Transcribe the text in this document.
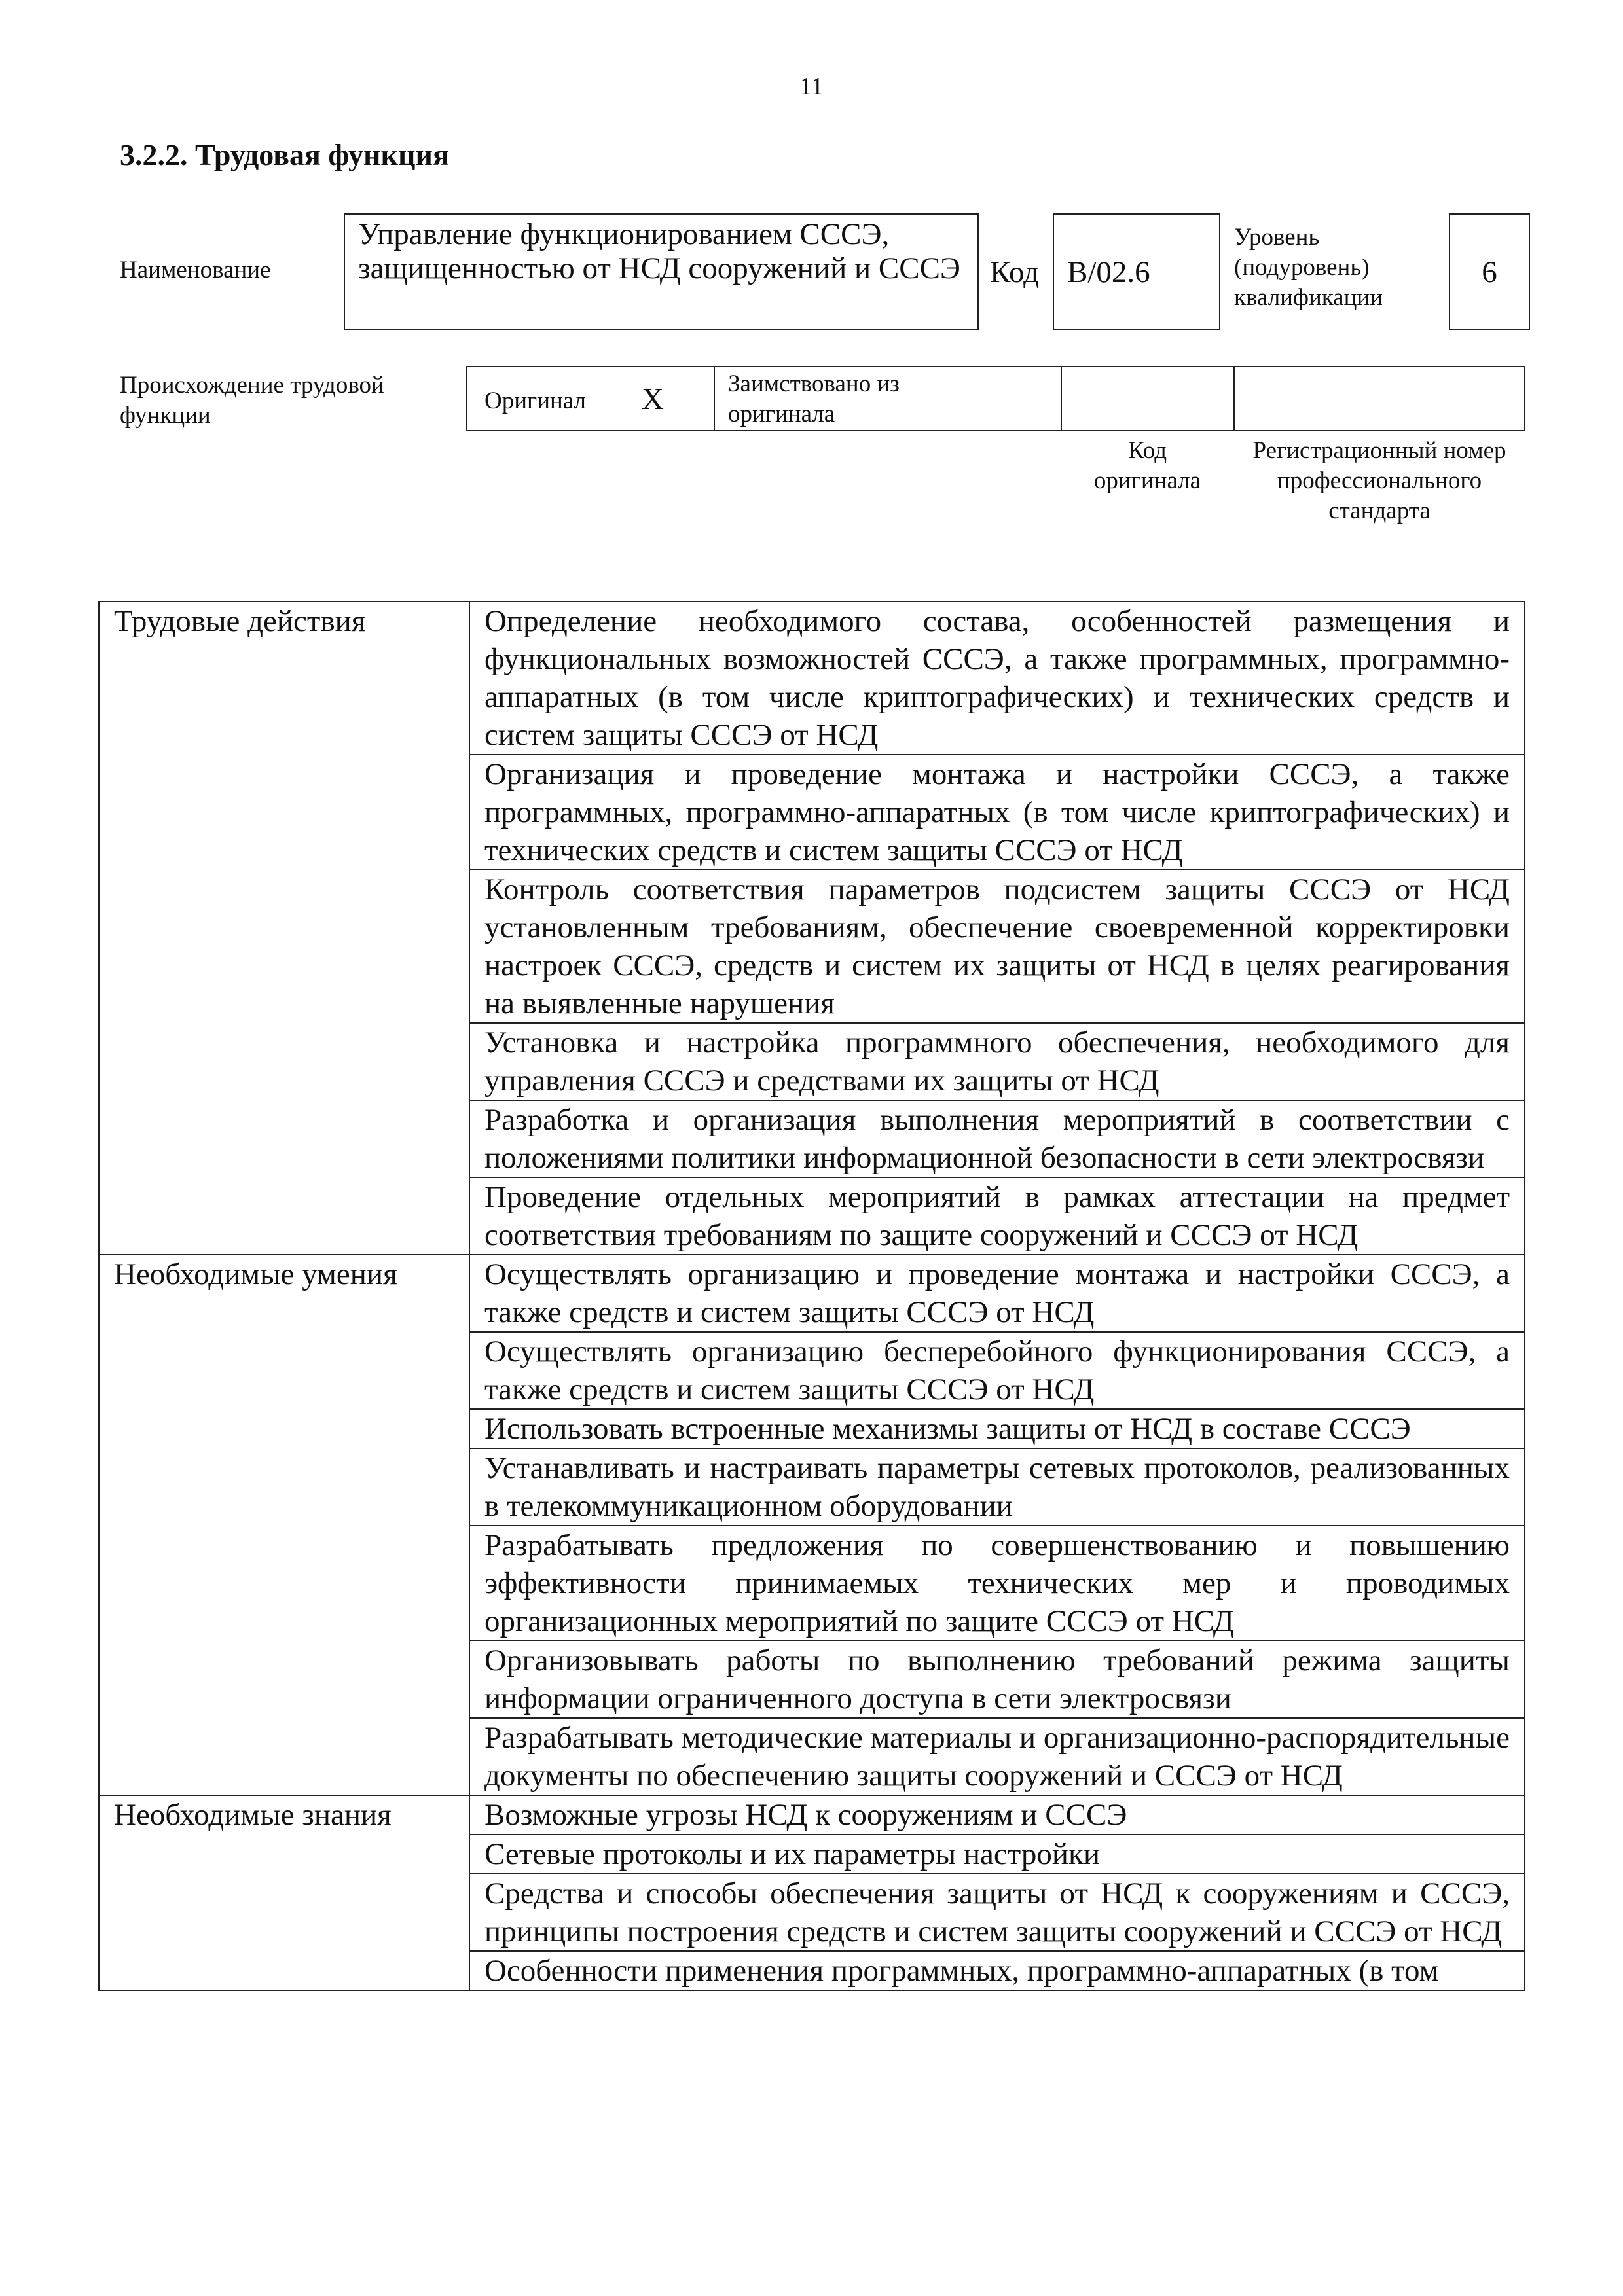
11
3.2.2. Трудовая функция
Наименование
Управление функционированием СССЭ, защищенностью от НСД сооружений и СССЭ Код B/02.6
Уровень (подуровень) квалификации
6
Происхождение трудовой функции
Оригинал X	Заимствовано из оригинала
Код оригинала
Регистрационный номер профессионального стандарта
Трудовые действия	Определение необходимого состава, особенностей размещения и функциональных возможностей СССЭ, а также программных, программно-аппаратных (в том числе криптографических) и технических средств и систем защиты СССЭ от НСД
	Организация и проведение монтажа и настройки СССЭ, а также программных, программно-аппаратных (в том числе криптографических) и технических средств и систем защиты СССЭ от НСД
	Контроль соответствия параметров подсистем защиты СССЭ от НСД установленным требованиям, обеспечение своевременной корректировки настроек СССЭ, средств и систем их защиты от НСД в целях реагирования на выявленные нарушения
	Установка и настройка программного обеспечения, необходимого для управления СССЭ и средствами их защиты от НСД
	Разработка и организация выполнения мероприятий в соответствии с положениями политики информационной безопасности в сети электросвязи
	Проведение отдельных мероприятий в рамках аттестации на предмет соответствия требованиям по защите сооружений и СССЭ от НСД
Необходимые умения	Осуществлять организацию и проведение монтажа и настройки СССЭ, а также средств и систем защиты СССЭ от НСД
	Осуществлять организацию бесперебойного функционирования СССЭ, а также средств и систем защиты СССЭ от НСД
	Использовать встроенные механизмы защиты от НСД в составе СССЭ
	Устанавливать и настраивать параметры сетевых протоколов, реализованных в телекоммуникационном оборудовании
	Разрабатывать предложения по совершенствованию и повышению эффективности принимаемых технических мер и проводимых организационных мероприятий по защите СССЭ от НСД
	Организовывать работы по выполнению требований режима защиты информации ограниченного доступа в сети электросвязи
	Разрабатывать методические материалы и организационно-распорядительные документы по обеспечению защиты сооружений и СССЭ от НСД
Необходимые знания	Возможные угрозы НСД к сооружениям и СССЭ
	Сетевые протоколы и их параметры настройки
	Средства и способы обеспечения защиты от НСД к сооружениям и СССЭ, принципы построения средств и систем защиты сооружений и СССЭ от НСД
	Особенности применения программных, программно-аппаратных (в том
